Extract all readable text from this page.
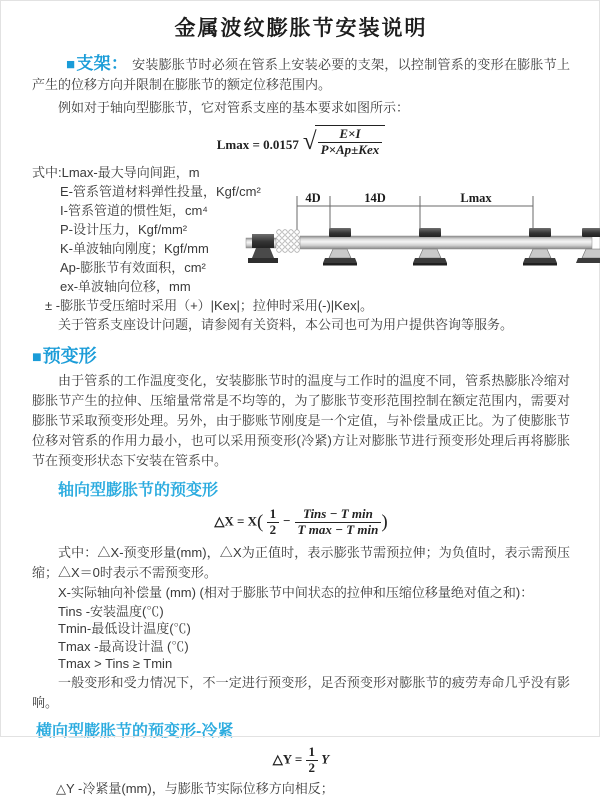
金属波纹膨胀节安装说明

■支架： 安装膨胀节时必须在管系上安装必要的支架，以控制管系的变形在膨胀节上产生的位移方向并限制在膨胀节的额定位移范围内。

例如对于轴向型膨胀节，它对管系支座的基本要求如图所示：

Lmax = 0.0157 √ $\frac{E\times I}{\text{P×Ap±Kex}}$
式中:Lmax-最大导向间距，m
E-管系管道材料弹性投量，Kgf/cm²
I-管系管道的惯性矩，cm⁴
P-设计压力，Kgf/mm²
K-单波轴向刚度；Kgf/mm
Ap-膨胀节有效面积，cm²
ex-单波轴向位移，mm
± -膨胀节受压缩时采用（+）|Kex|；拉伸时采用(-)|Kex|。
关于管系支座设计问题，请参阅有关资料，本公司也可为用户提供咨询等服务。
■预变形

由于管系的工作温度变化，安装膨胀节时的温度与工作时的温度不同，管系热膨胀冷缩对膨胀节产生的拉伸、压缩量常常是不均等的，为了膨胀节变形范围控制在额定范围内，需要对膨胀节采取预变形处理。另外，由于膨账节刚度是一个定值，与补偿量成正比。为了使膨胀节位移对管系的作用力最小，也可以采用预变形(冷紧)方让对膨胀节进行预变形处理后再将膨胀节在预变形状态下安装在管系中。

轴向型膨胀节的预变形
△X = $X( \frac{1}{2} - \frac{\text{Tins − T min}}{\text{T max − T min}}$ )

式中：△X-预变形量(mm)，△X为正值时，表示膨张节需预拉伸；为负值时，表示需预压缩；△X＝0时表示不需预变形。

X-实际轴向补偿量 (mm) (相对于膨胀节中间状态的拉伸和压缩位移量绝对值之和)：

Tins -安装温度(℃)
Tmin-最低设计温度(℃)
Tmax -最高设计温 (℃)
Tmax > Tins ≥ Tmin

一般变形和受力情况下，不一定进行预变形，足否预变形对膨胀节的疲劳寿命几乎没有影响。

横向型膨胀节的预变形-冷紧
△Y = $\frac{1}{2}$ Y
△Y -冷紧量(mm)，与膨胀节实际位移方向相反；
4D	14D	Lmax
